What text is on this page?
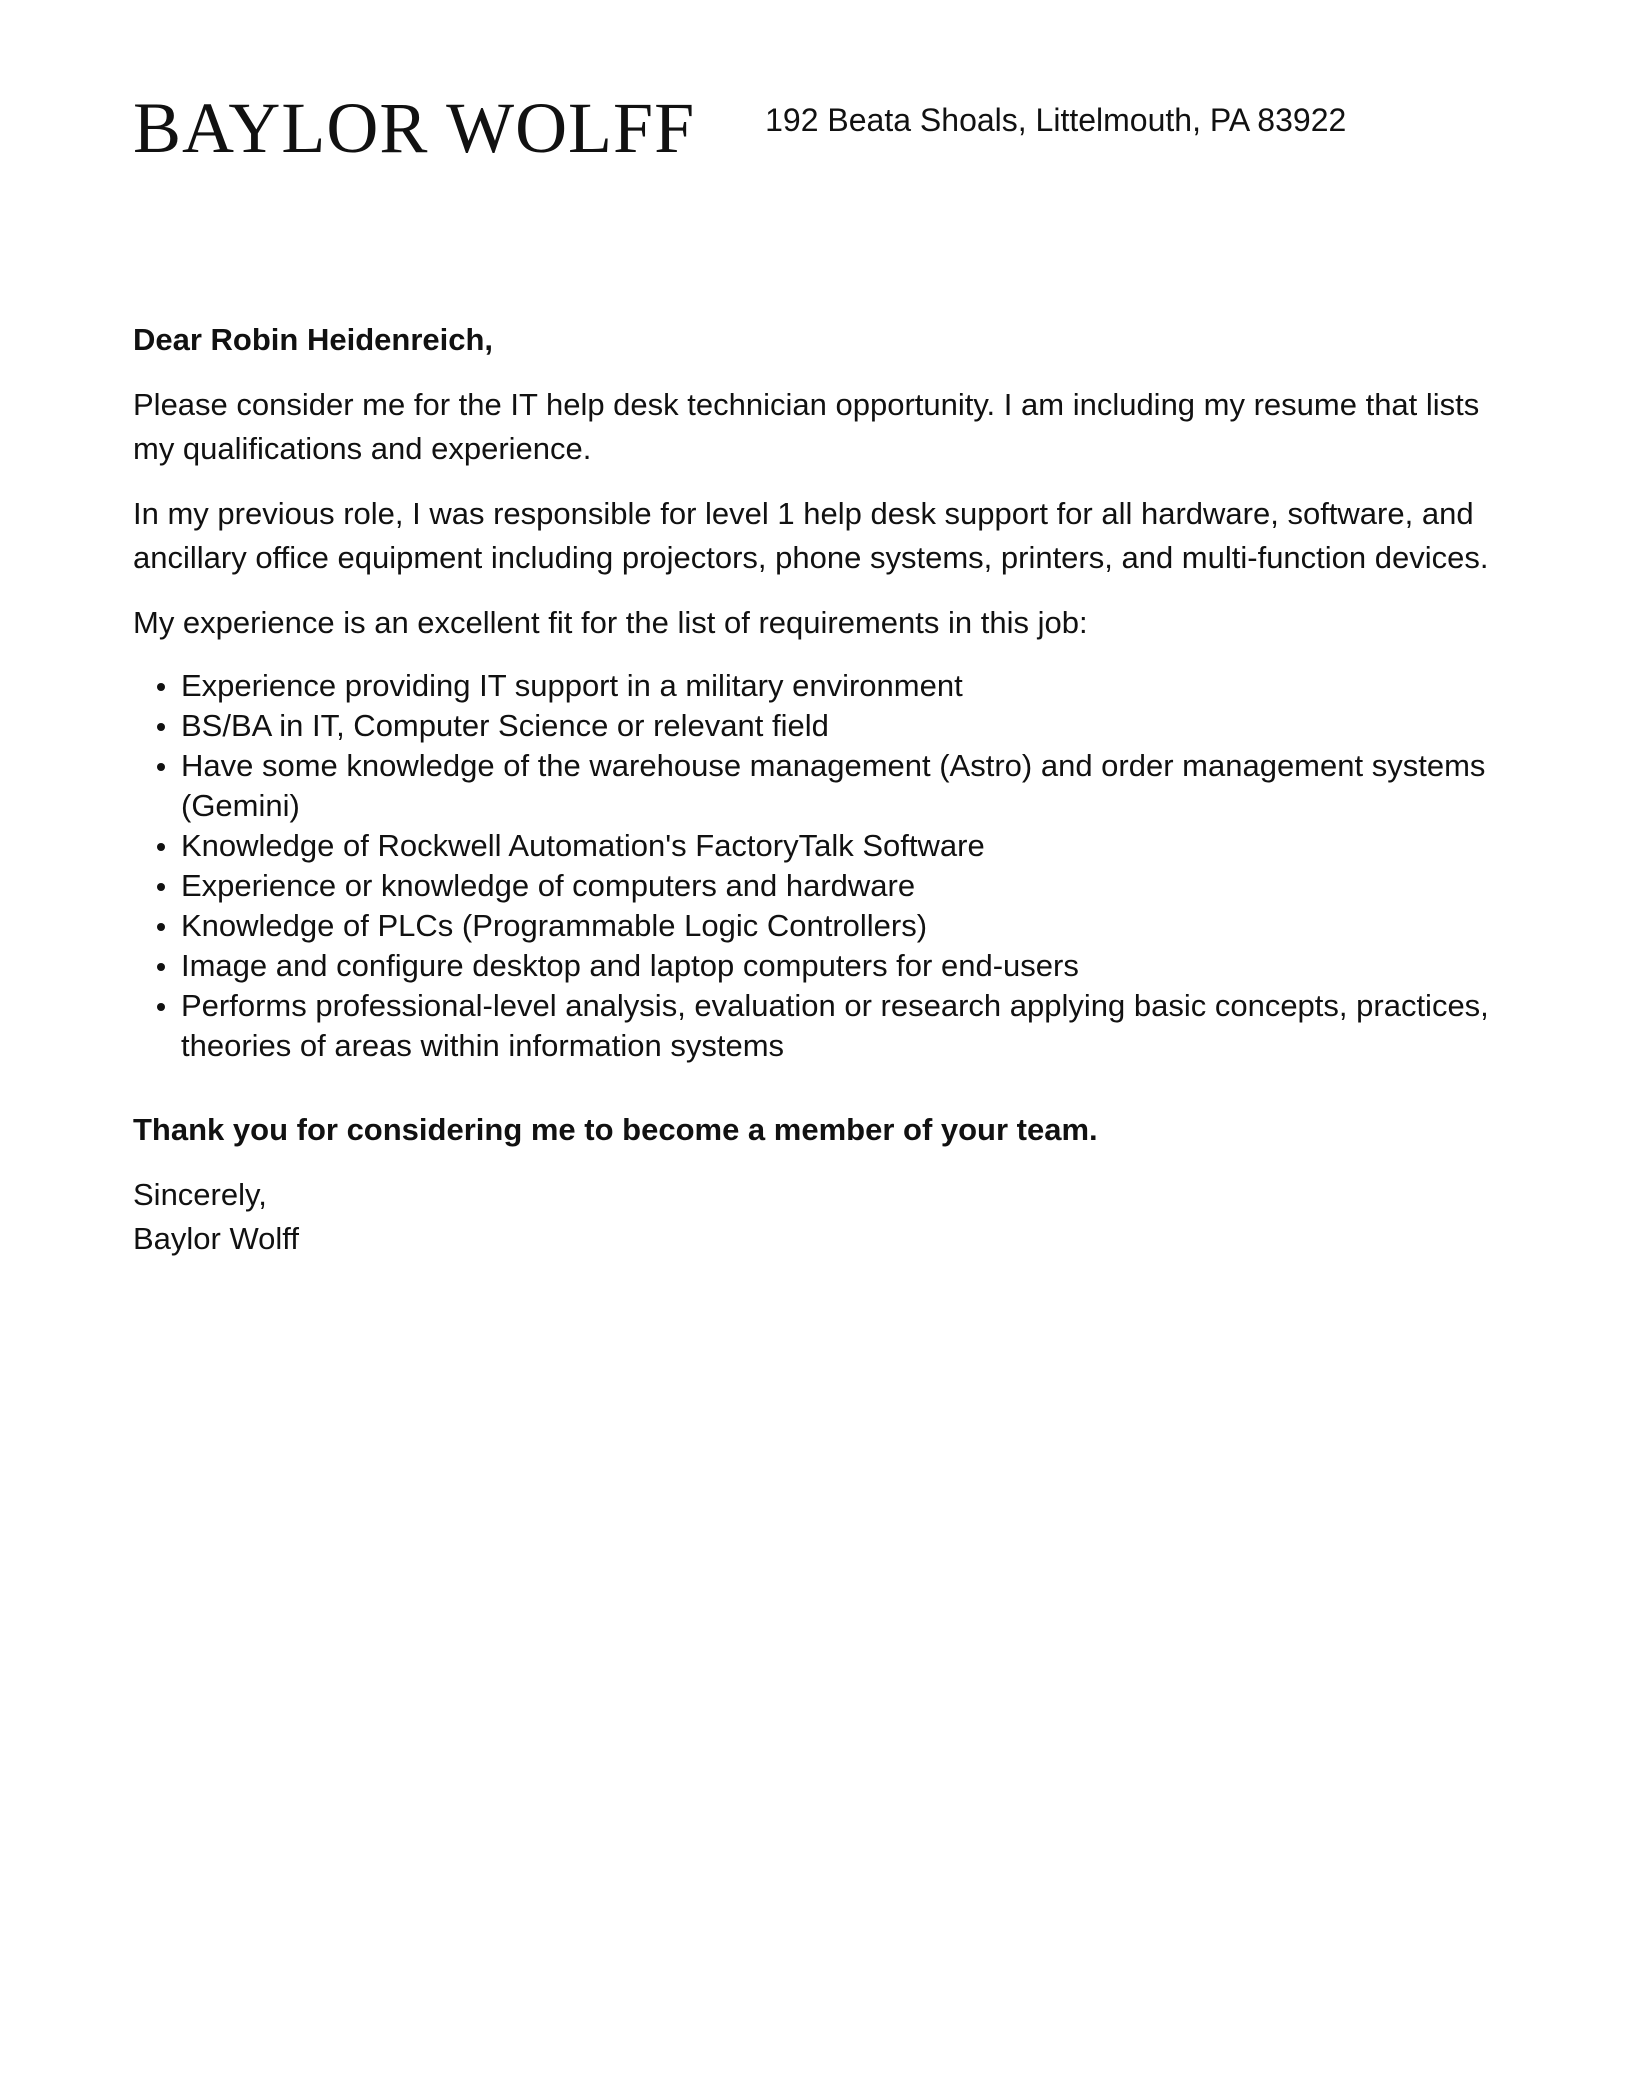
BAYLOR WOLFF 192 Beata Shoals, Littelmouth, PA 83922

Dear Robin Heidenreich,

Please consider me for the IT help desk technician opportunity. I am including my resume that lists my qualifications and experience.

In my previous role, I was responsible for level 1 help desk support for all hardware, software, and ancillary office equipment including projectors, phone systems, printers, and multi-function devices.

My experience is an excellent fit for the list of requirements in this job:

Experience providing IT support in a military environment
BS/BA in IT, Computer Science or relevant field
Have some knowledge of the warehouse management (Astro) and order management systems (Gemini)
Knowledge of Rockwell Automation's FactoryTalk Software
Experience or knowledge of computers and hardware
Knowledge of PLCs (Programmable Logic Controllers)
Image and configure desktop and laptop computers for end-users
Performs professional-level analysis, evaluation or research applying basic concepts, practices, theories of areas within information systems

Thank you for considering me to become a member of your team.

Sincerely,
Baylor Wolff
